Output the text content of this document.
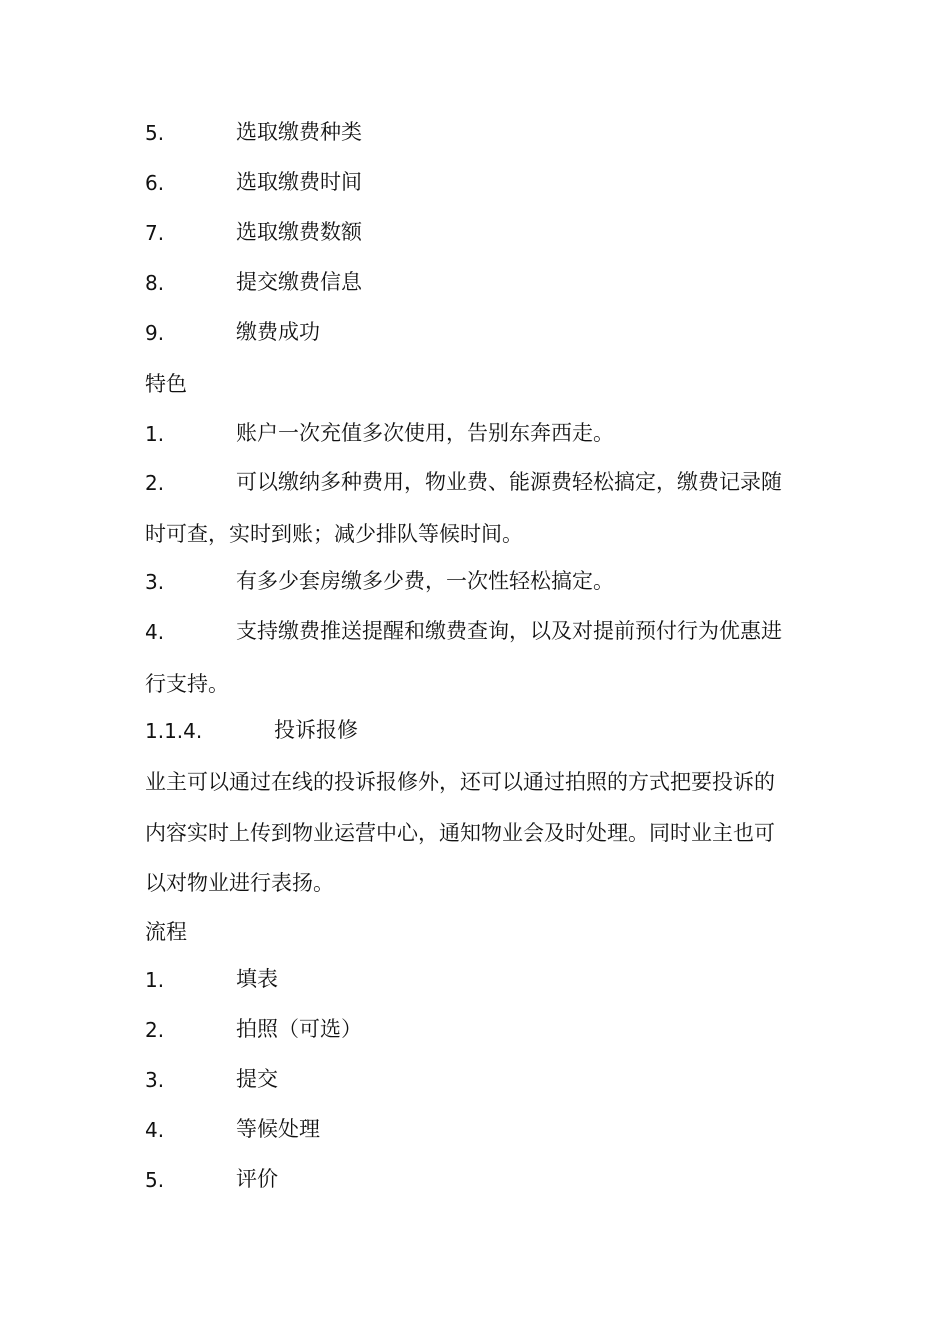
5.	选取缴费种类
6.	选取缴费时间
7.	选取缴费数额
8.	提交缴费信息
9.	缴费成功
特色
1.	账户一次充值多次使用，告别东奔西走。
2.	可以缴纳多种费用，物业费、能源费轻松搞定，缴费记录随
时可查，实时到账；减少排队等候时间。
3.	有多少套房缴多少费，一次性轻松搞定。
4.	支持缴费推送提醒和缴费查询，以及对提前预付行为优惠进
行支持。
1.1.4.	投诉报修
业主可以通过在线的投诉报修外，还可以通过拍照的方式把要投诉的
内容实时上传到物业运营中心，通知物业会及时处理。同时业主也可
以对物业进行表扬。
流程
1.	填表
2.	拍照（可选）
3.	提交
4.	等候处理
5.	评价
